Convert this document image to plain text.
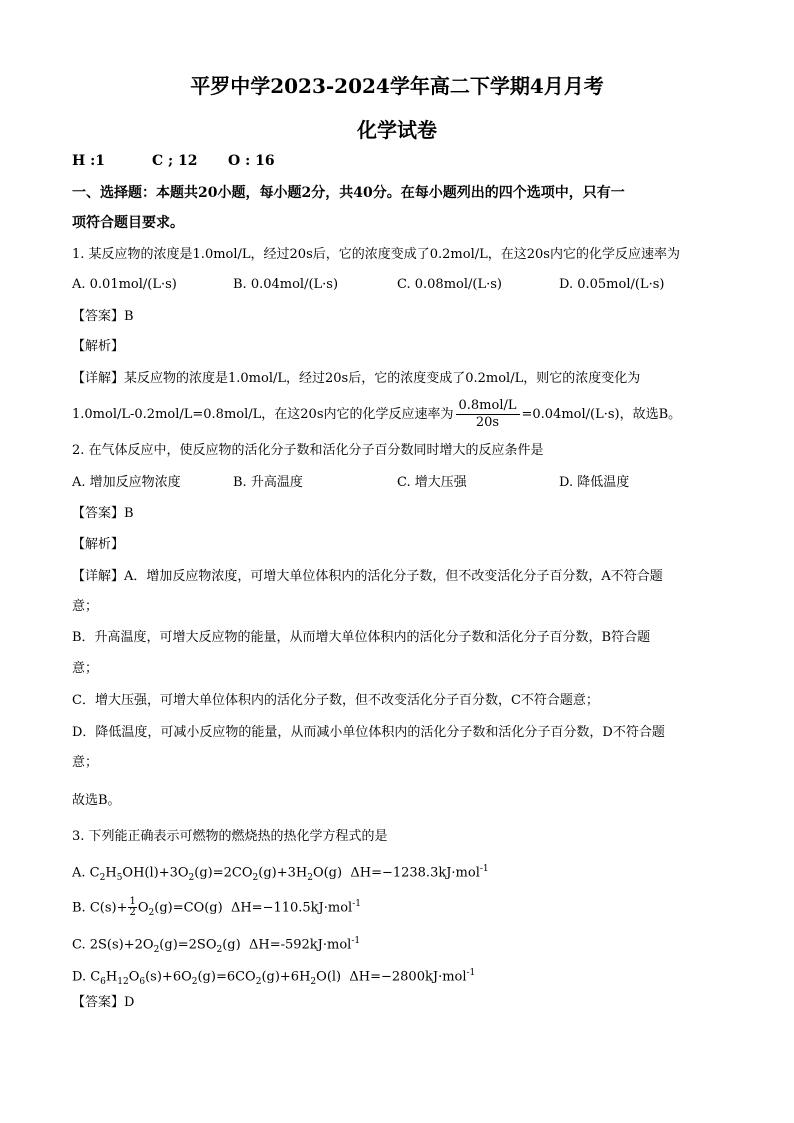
平罗中学2023-2024学年高二下学期4月月考
化学试卷
H :1	C ; 12 O : 16
一、选择题：本题共20小题，每小题2分，共40分。在每小题列出的四个选项中，只有一
项符合题目要求。
1. 某反应物的浓度是1.0mol/L，经过20s后，它的浓度变成了0.2mol/L，在这20s内它的化学反应速率为
A. 0.01mol/(L·s)	B. 0.04mol/(L·s)	C. 0.08mol/(L·s)	D. 0.05mol/(L·s)
【答案】B
【解析】
【详解】某反应物的浓度是1.0mol/L，经过20s后，它的浓度变成了0.2mol/L，则它的浓度变化为
1.0mol/L-0.2mol/L=0.8mol/L，在这20s内它的化学反应速率为 $\frac{\text{0.8mol/L}}{20s} =0.04mol/(L\cdot s)$，故选B。
2. 在气体反应中，使反应物的活化分子数和活化分子百分数同时增大的反应条件是
A. 增加反应物浓度	B. 升高温度	C. 增大压强	D. 降低温度
【答案】B
【解析】
【详解】A．增加反应物浓度，可增大单位体积内的活化分子数，但不改变活化分子百分数，A不符合题
意；
B．升高温度，可增大反应物的能量，从而增大单位体积内的活化分子数和活化分子百分数，B符合题
意；
C．增大压强，可增大单位体积内的活化分子数，但不改变活化分子百分数，C不符合题意；
D．降低温度，可减小反应物的能量，从而减小单位体积内的活化分子数和活化分子百分数，D不符合题
意；
故选B。
3. 下列能正确表示可燃物的燃烧热的热化学方程式的是
A. $C_2H_5OH(l)+3O_2(g)=2CO_2(g)+3H_2O(g)$  ΔH=−1238.3kJ·mol$^{-1}$
B. $C(s)+ \frac{1}{2} O_2(g)=CO(g)$  ΔH=−110.5kJ·mol$^{-1}$
C. $2S(s)+2O_2(g)=2SO_2(g)$  ΔH=-592kJ·mol$^{-1}$
D. $C_6H_{12}O_6(s)+6O_2(g)=6CO_2(g)+6H_2O(l)$  ΔH=−2800kJ·mol$^{-1}$
【答案】D
